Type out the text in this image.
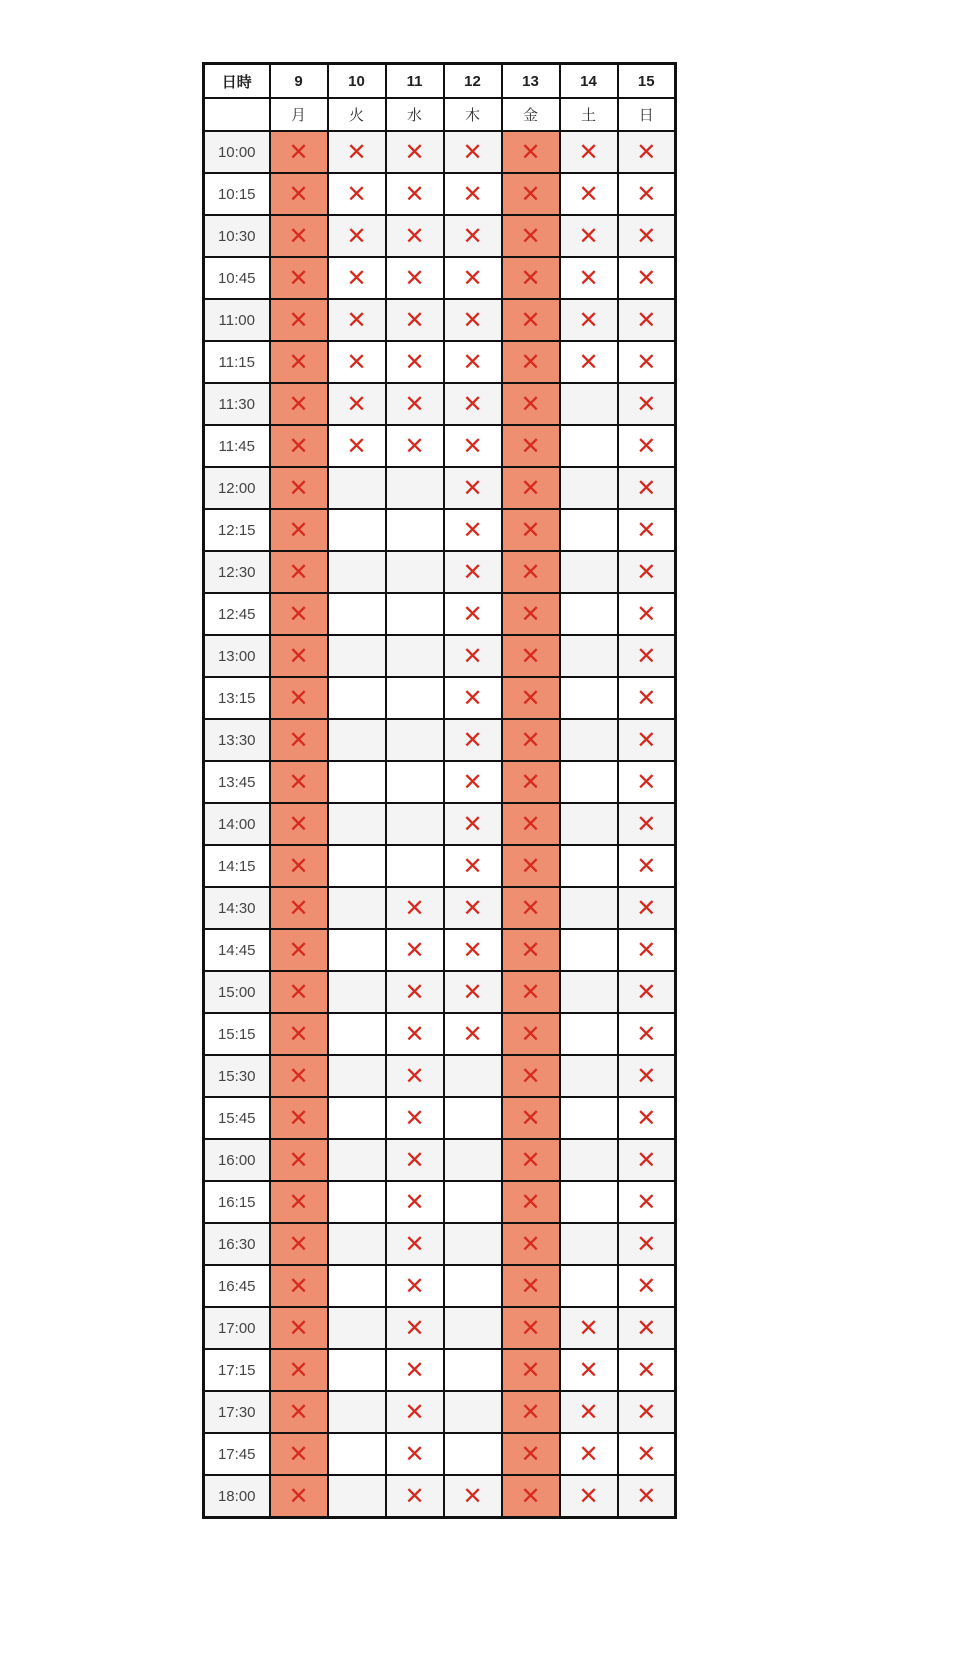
日時	9	10	11	12	13	14	15
	月	火	水	木	金	土	日
10:00	✕	✕	✕	✕	✕	✕	✕
10:15	✕	✕	✕	✕	✕	✕	✕
10:30	✕	✕	✕	✕	✕	✕	✕
10:45	✕	✕	✕	✕	✕	✕	✕
11:00	✕	✕	✕	✕	✕	✕	✕
11:15	✕	✕	✕	✕	✕	✕	✕
11:30	✕	✕	✕	✕	✕		✕
11:45	✕	✕	✕	✕	✕		✕
12:00	✕			✕	✕		✕
12:15	✕			✕	✕		✕
12:30	✕			✕	✕		✕
12:45	✕			✕	✕		✕
13:00	✕			✕	✕		✕
13:15	✕			✕	✕		✕
13:30	✕			✕	✕		✕
13:45	✕			✕	✕		✕
14:00	✕			✕	✕		✕
14:15	✕			✕	✕		✕
14:30	✕		✕	✕	✕		✕
14:45	✕		✕	✕	✕		✕
15:00	✕		✕	✕	✕		✕
15:15	✕		✕	✕	✕		✕
15:30	✕		✕		✕		✕
15:45	✕		✕		✕		✕
16:00	✕		✕		✕		✕
16:15	✕		✕		✕		✕
16:30	✕		✕		✕		✕
16:45	✕		✕		✕		✕
17:00	✕		✕		✕	✕	✕
17:15	✕		✕		✕	✕	✕
17:30	✕		✕		✕	✕	✕
17:45	✕		✕		✕	✕	✕
18:00	✕		✕	✕	✕	✕	✕
